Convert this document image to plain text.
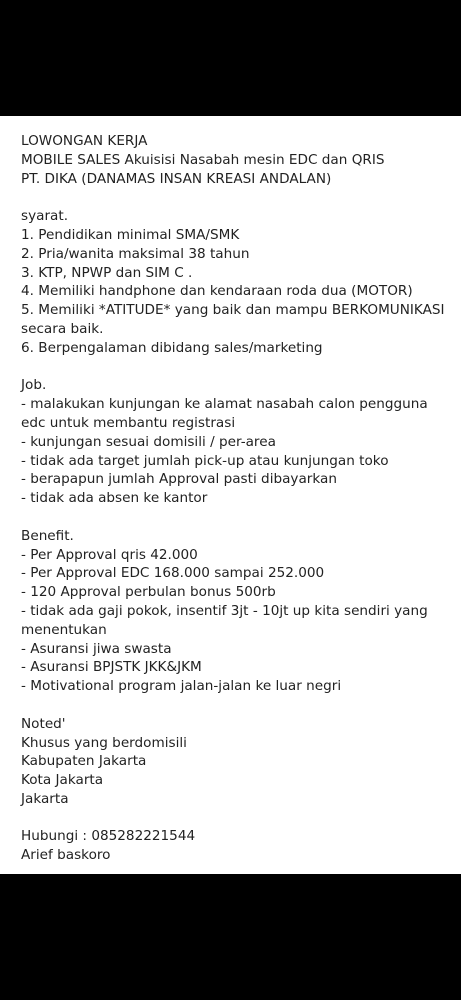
LOWONGAN KERJA
MOBILE SALES Akuisisi Nasabah mesin EDC dan QRIS
PT. DIKA (DANAMAS INSAN KREASI ANDALAN)
syarat.
1. Pendidikan minimal SMA/SMK
2. Pria/wanita maksimal 38 tahun
3. KTP, NPWP dan SIM C .
4. Memiliki handphone dan kendaraan roda dua (MOTOR)
5. Memiliki *ATITUDE* yang baik dan mampu BERKOMUNIKASI secara baik.
6. Berpengalaman dibidang sales/marketing
Job.
- malakukan kunjungan ke alamat nasabah calon pengguna edc untuk membantu registrasi
- kunjungan sesuai domisili / per-area
- tidak ada target jumlah pick-up atau kunjungan toko
- berapapun jumlah Approval pasti dibayarkan
- tidak ada absen ke kantor
Benefit.
- Per Approval qris 42.000
- Per Approval EDC 168.000 sampai 252.000
- 120 Approval perbulan bonus 500rb
- tidak ada gaji pokok, insentif 3jt - 10jt up kita sendiri yang menentukan
- Asuransi jiwa swasta
- Asuransi BPJSTK JKK&JKM
- Motivational program jalan-jalan ke luar negri
Noted'
Khusus yang berdomisili
Kabupaten Jakarta
Kota Jakarta
Jakarta
Hubungi : 085282221544
Arief baskoro
